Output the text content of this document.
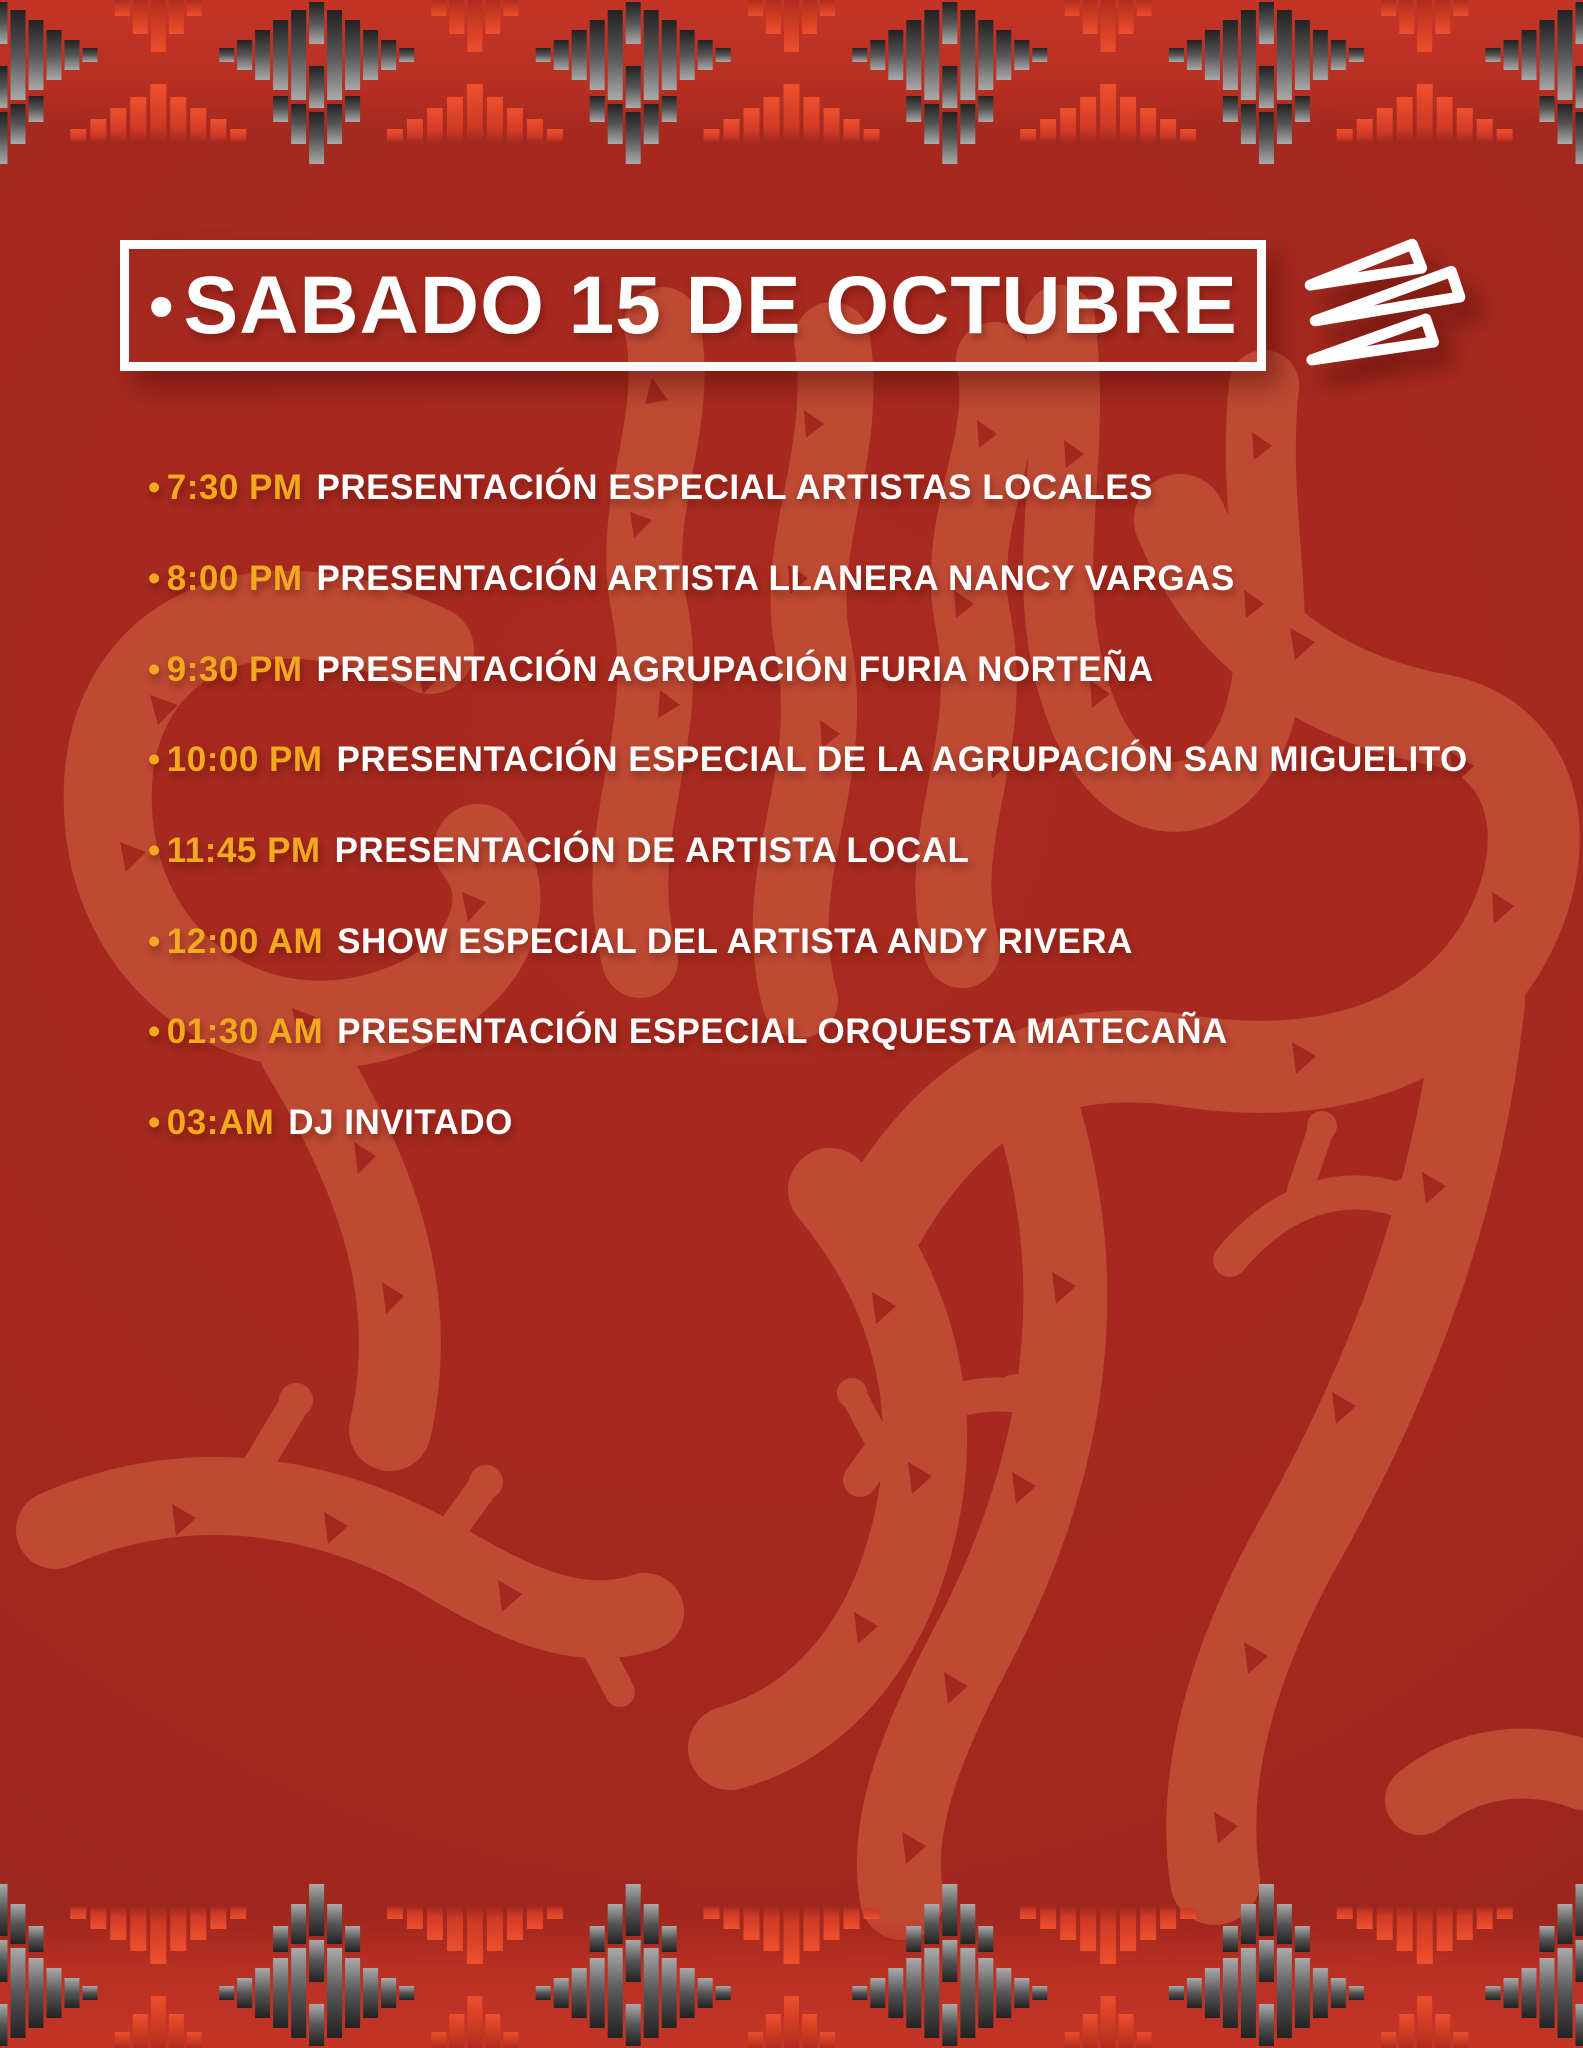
• SABADO 15 DE OCTUBRE
• 7:30 PM PRESENTACIÓN ESPECIAL ARTISTAS LOCALES
• 8:00 PM PRESENTACIÓN ARTISTA LLANERA NANCY VARGAS
• 9:30 PM PRESENTACIÓN AGRUPACIÓN FURIA NORTEÑA
• 10:00 PM PRESENTACIÓN ESPECIAL DE LA AGRUPACIÓN SAN MIGUELITO
• 11:45 PM PRESENTACIÓN DE ARTISTA LOCAL
• 12:00 AM SHOW ESPECIAL DEL ARTISTA ANDY RIVERA
• 01:30 AM PRESENTACIÓN ESPECIAL ORQUESTA MATECAÑA
• 03:AM DJ INVITADO
